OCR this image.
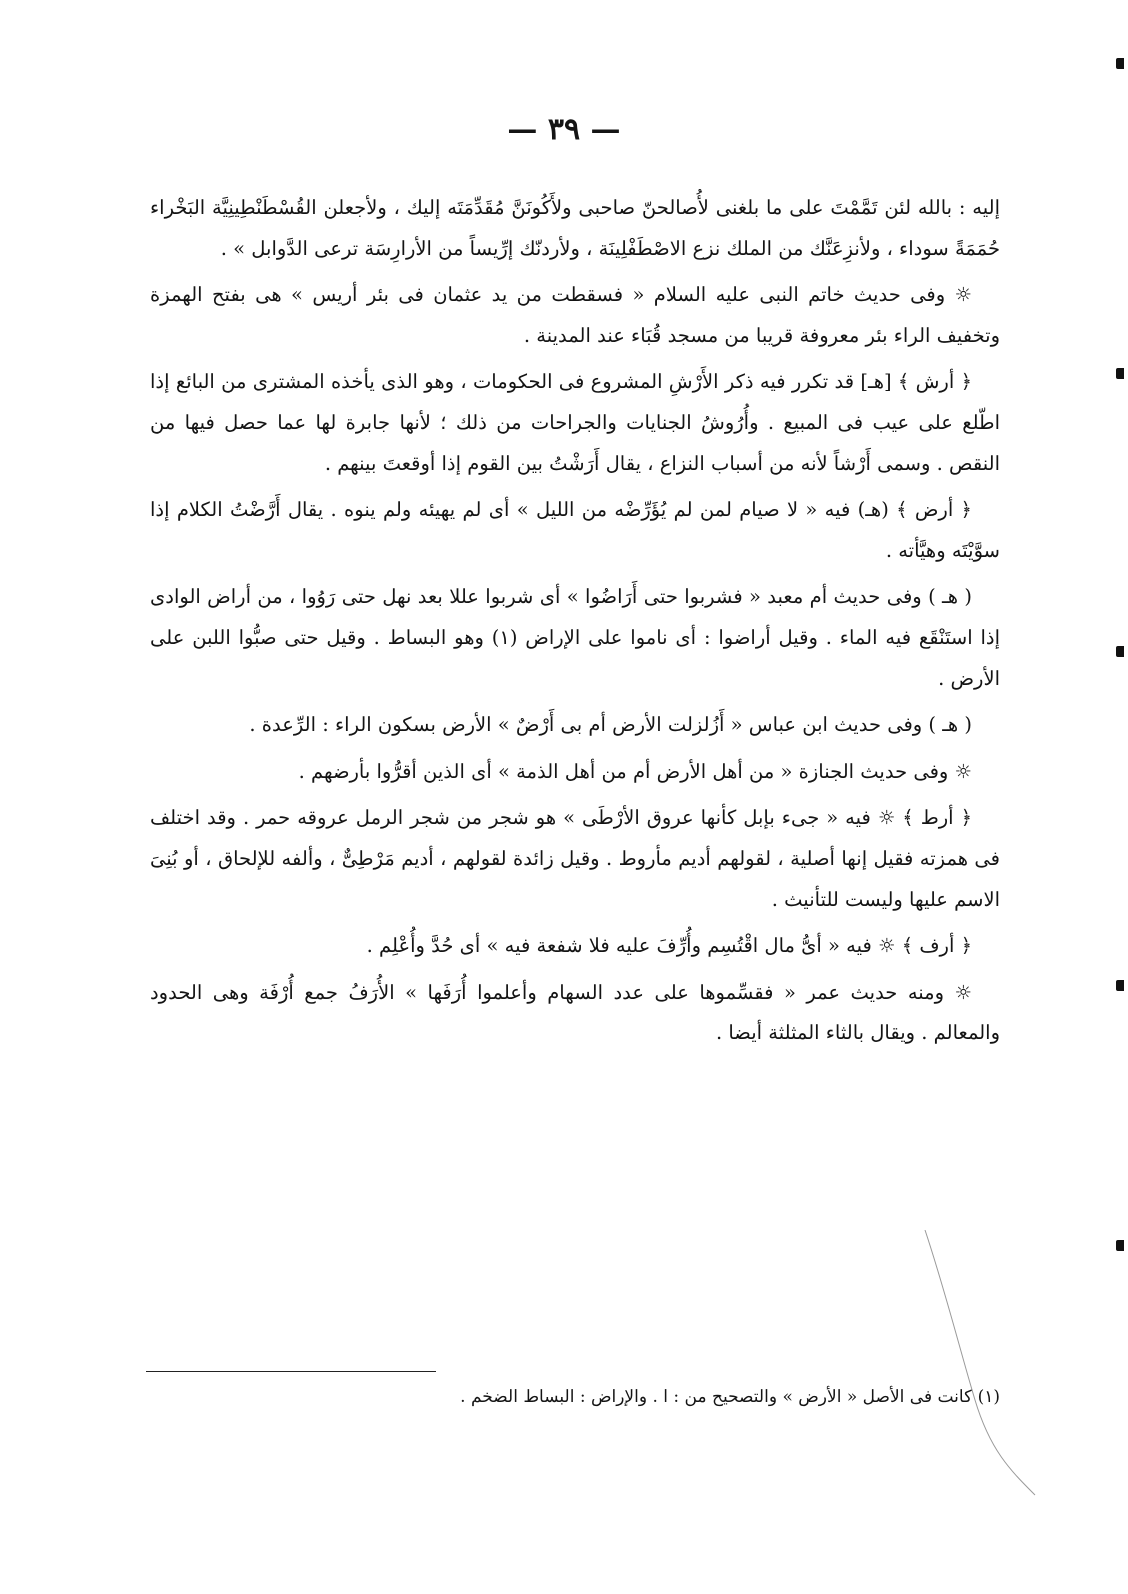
— ٣٩ —

إليه : بالله لئن تَمَّمْتَ على ما بلغنى لأُصالحنّ صاحبى ولأَكُونَنَّ مُقَدِّمَتَه إليك ، ولأجعلن القُسْطَنْطِينِيَّة البَخْراء حُمَمَةً سوداء ، ولأنزِعَنَّك من الملك نزع الاصْطَفْلِينَة ، ولأردنّك إرِّيساً من الأرارِسَة ترعى الدَّوابل » .

☼ وفى حديث خاتم النبى عليه السلام « فسقطت من يد عثمان فى بئر أريس » هى بفتح الهمزة وتخفيف الراء بئر معروفة قريبا من مسجد قُبَاء عند المدينة .

﴿ أرش ﴾ [هـ] قد تكرر فيه ذكر الأَرْشِ المشروع فى الحكومات ، وهو الذى يأخذه المشترى من البائع إذا اطّلع على عيب فى المبيع . وأُرُوشُ الجنايات والجراحات من ذلك ؛ لأنها جابرة لها عما حصل فيها من النقص . وسمى أَرْشاً لأنه من أسباب النزاع ، يقال أَرَشْتُ بين القوم إذا أوقعتَ بينهم .

﴿ أرض ﴾ (هـ) فيه « لا صيام لمن لم يُؤَرِّضْه من الليل » أى لم يهيئه ولم ينوه . يقال أَرَّضْتُ الكلام إذا سوَّيْتَه وهيَّأته .

( هـ ) وفى حديث أم معبد « فشربوا حتى أَرَاضُوا » أى شربوا عللا بعد نهل حتى رَوُوا ، من أراض الوادى إذا استَنْقَع فيه الماء . وقيل أراضوا : أى ناموا على الإراض (١) وهو البساط . وقيل حتى صبُّوا اللبن على الأرض .

( هـ ) وفى حديث ابن عباس « أَزُلزلت الأرض أم بى أَرْضٌ » الأرض بسكون الراء : الرِّعدة .

☼ وفى حديث الجنازة « من أهل الأرض أم من أهل الذمة » أى الذين أقرُّوا بأرضهم .

﴿ أرط ﴾ ☼ فيه « جىء بإبل كأنها عروق الأرْطَى » هو شجر من شجر الرمل عروقه حمر . وقد اختلف فى همزته فقيل إنها أصلية ، لقولهم أديم مأروط . وقيل زائدة لقولهم ، أديم مَرْطِىٌّ ، وألفه للإلحاق ، أو بُنِىَ الاسم عليها وليست للتأنيث .

﴿ أرف ﴾ ☼ فيه « أىُّ مال اقْتُسِم وأُرِّفَ عليه فلا شفعة فيه » أى حُدَّ وأُعْلِم .

☼ ومنه حديث عمر « فقسِّموها على عدد السهام وأعلموا أُرَفَها » الأُرَفُ جمع أُرْفَة وهى الحدود والمعالم . ويقال بالثاء المثلثة أيضا .

(١) كانت فى الأصل « الأرض » والتصحيح من : ا . والإراض : البساط الضخم .
